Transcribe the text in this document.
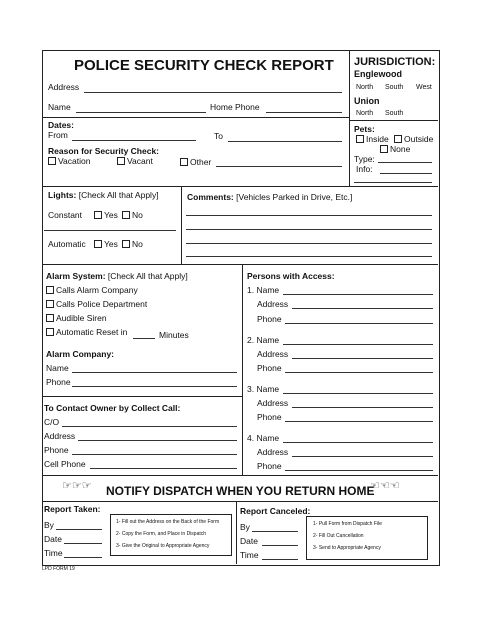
POLICE SECURITY CHECK REPORT JURISDICTION:
Englewood
North South West
Union
North South
Address
Name	Home Phone
Dates:
From	To
Reason for Security Check:
Vacation	Vacant	Other
Pets:
Inside	Outside
None
Type:
Info:
Lights: [Check All that Apply]
Constant	Yes	No
Automatic	Yes	No
Comments: [Vehicles Parked in Drive, Etc.]
Alarm System: [Check All that Apply]
Calls Alarm Company
Calls Police Department
Audible Siren
Automatic Reset in	Minutes
Alarm Company:
Name
Phone
To Contact Owner by Collect Call:
C/O
Address
Phone
Cell Phone
Persons with Access:
1. Name
Address
Phone
2. Name
Address
Phone
3. Name
Address
Phone
4. Name
Address
Phone
☞☞☞ NOTIFY DISPATCH WHEN YOU RETURN HOME
☜☜☜
Report Taken:
By
Date
Time
1- Fill out the Address on the Back of the Form
2- Copy the Form, and Place in Dispatch
3- Give the Original to Appropriate Agency
Report Canceled:
By
Date
Time
1- Pull Form from Dispatch File
2- Fill Out Cancellation
3- Send to Appropriate Agency
LPD FORM 19
